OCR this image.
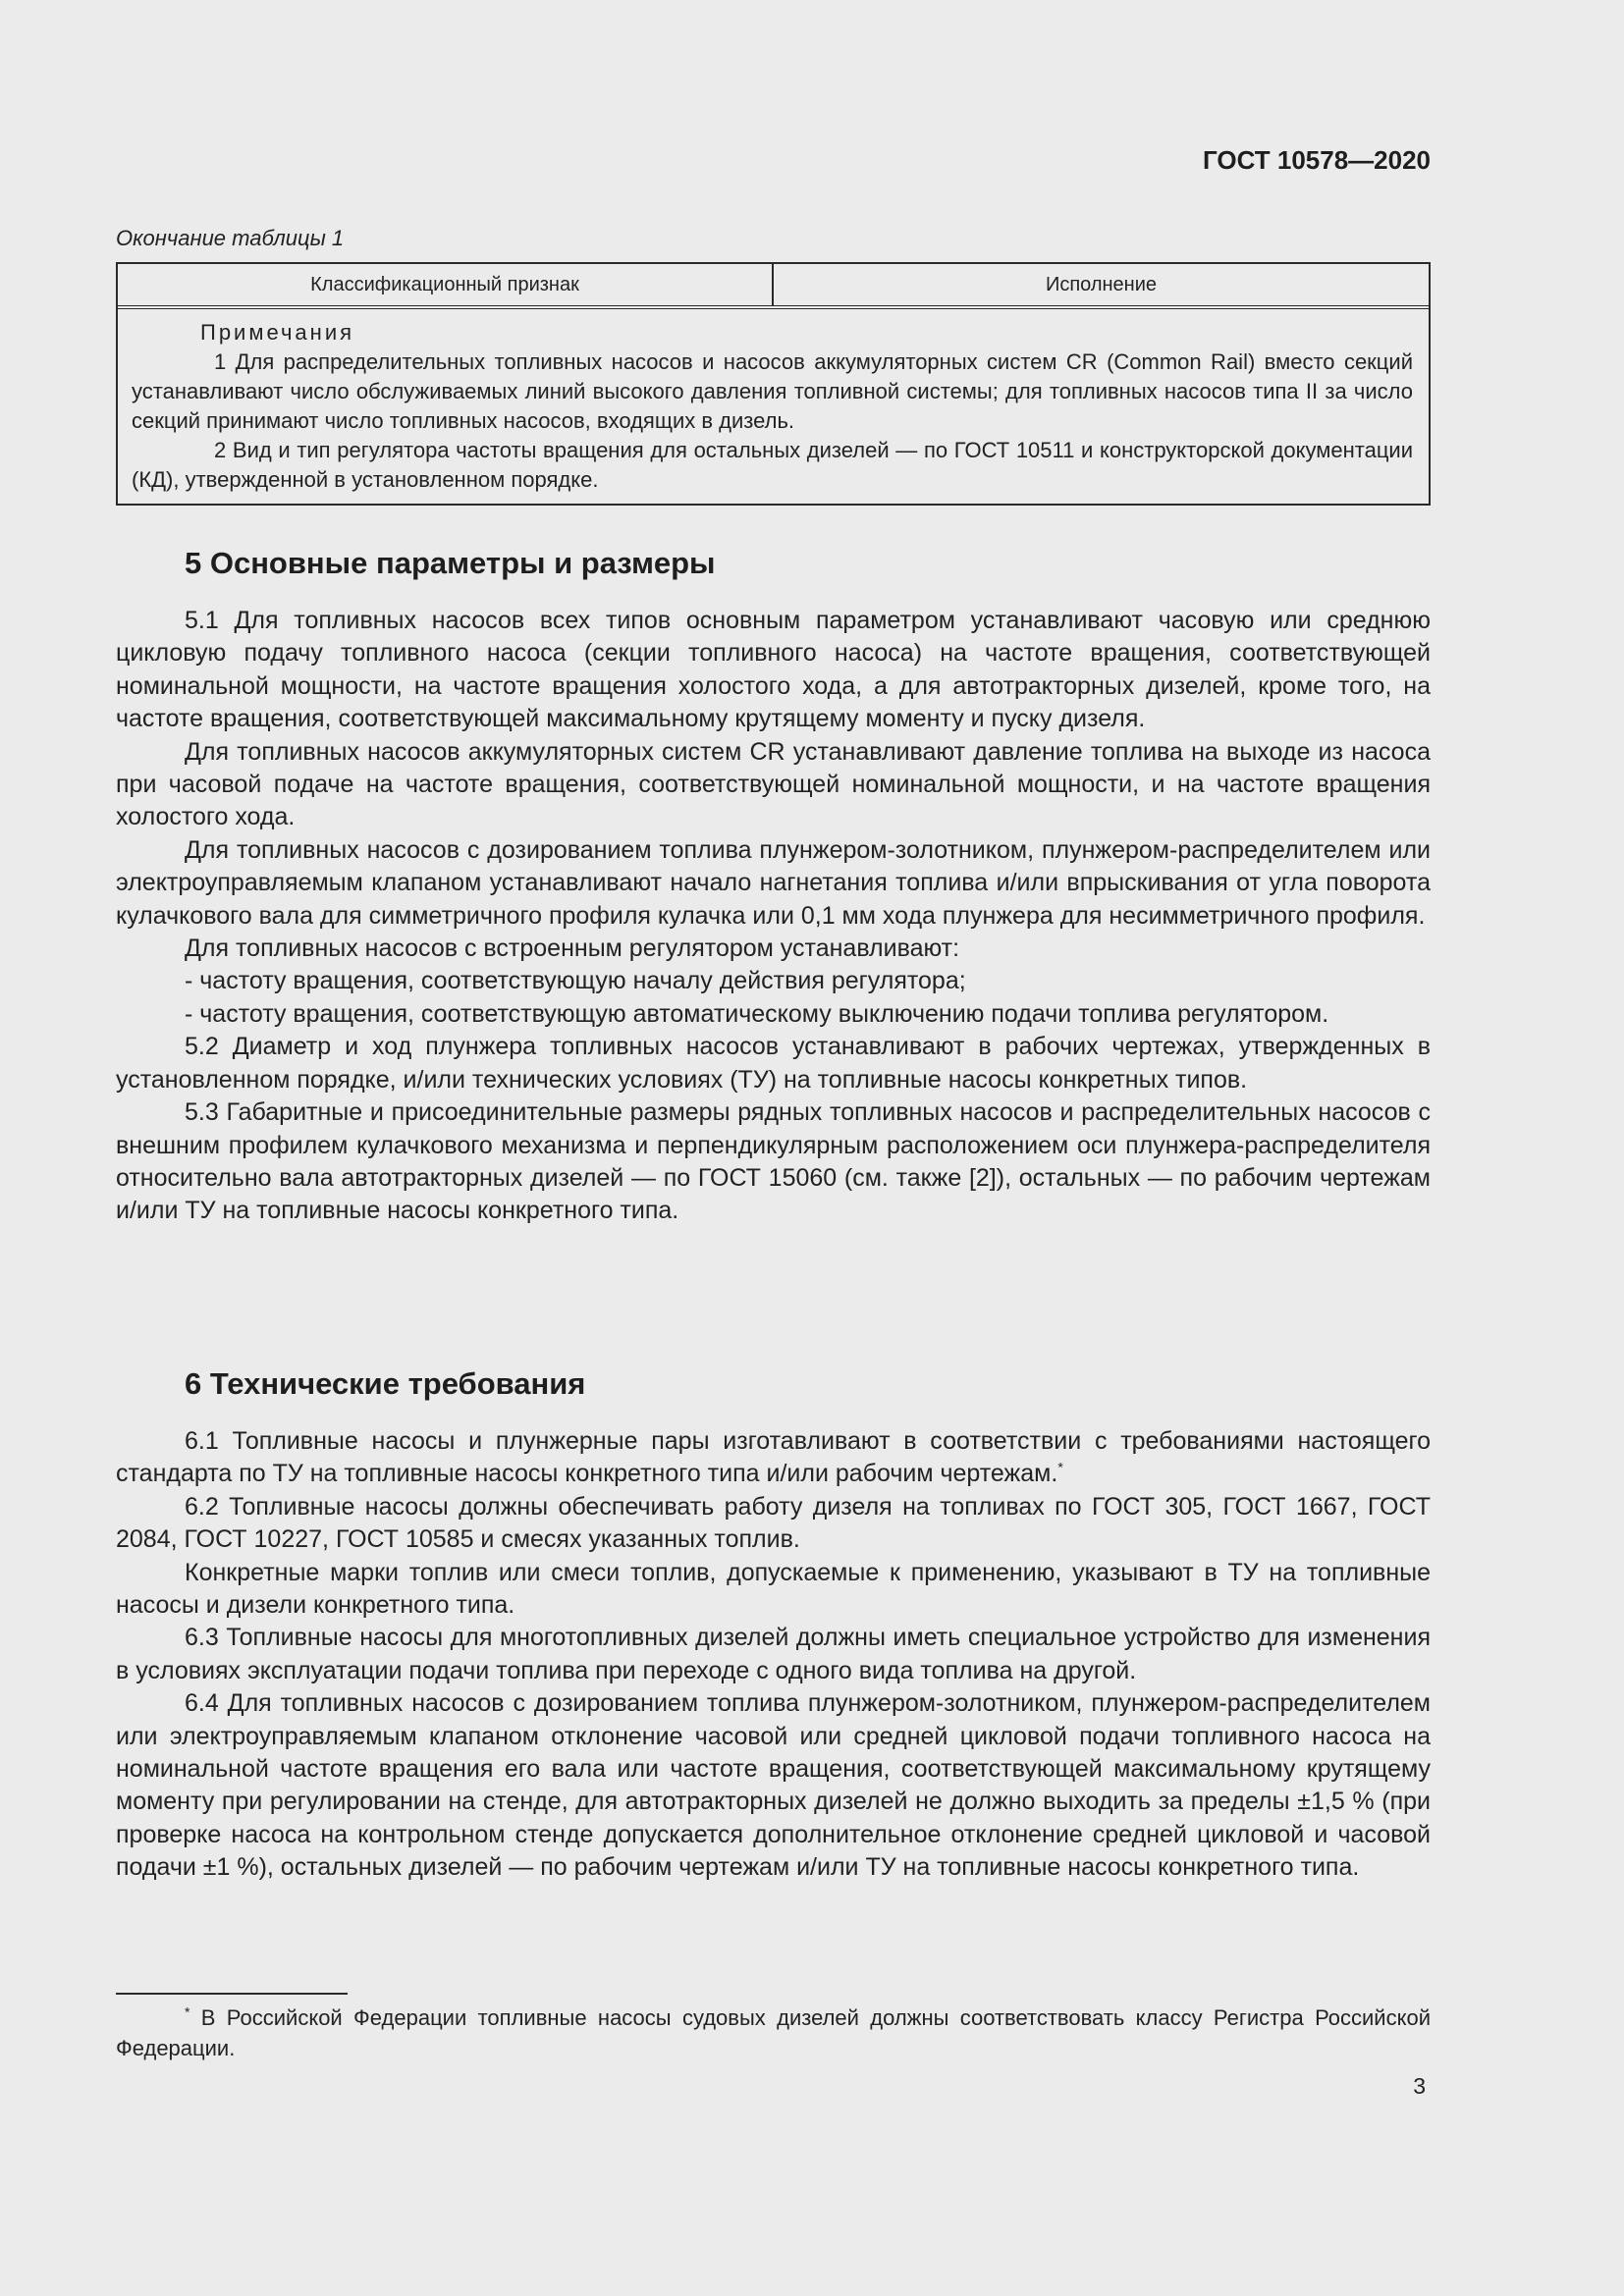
ГОСТ 10578—2020
Окончание таблицы 1
Классификационный признак	Исполнение
Примечания
1 Для распределительных топливных насосов и насосов аккумуляторных систем CR (Common Rail) вместо секций устанавливают число обслуживаемых линий высокого давления топливной системы; для топливных насосов типа II за число секций принимают число топливных насосов, входящих в дизель.
2 Вид и тип регулятора частоты вращения для остальных дизелей — по ГОСТ 10511 и конструкторской документации (КД), утвержденной в установленном порядке.
5 Основные параметры и размеры

5.1 Для топливных насосов всех типов основным параметром устанавливают часовую или среднюю цикловую подачу топливного насоса (секции топливного насоса) на частоте вращения, соответствующей номинальной мощности, на частоте вращения холостого хода, а для автотракторных дизелей, кроме того, на частоте вращения, соответствующей максимальному крутящему моменту и пуску дизеля.

Для топливных насосов аккумуляторных систем CR устанавливают давление топлива на выходе из насоса при часовой подаче на частоте вращения, соответствующей номинальной мощности, и на частоте вращения холостого хода.

Для топливных насосов с дозированием топлива плунжером-золотником, плунжером-распределителем или электроуправляемым клапаном устанавливают начало нагнетания топлива и/или впрыскивания от угла поворота кулачкового вала для симметричного профиля кулачка или 0,1 мм хода плунжера для несимметричного профиля.

Для топливных насосов с встроенным регулятором устанавливают:

- частоту вращения, соответствующую началу действия регулятора;

- частоту вращения, соответствующую автоматическому выключению подачи топлива регулятором.

5.2 Диаметр и ход плунжера топливных насосов устанавливают в рабочих чертежах, утвержденных в установленном порядке, и/или технических условиях (ТУ) на топливные насосы конкретных типов.

5.3 Габаритные и присоединительные размеры рядных топливных насосов и распределительных насосов с внешним профилем кулачкового механизма и перпендикулярным расположением оси плунжера-распределителя относительно вала автотракторных дизелей — по ГОСТ 15060 (см. также [2]), остальных — по рабочим чертежам и/или ТУ на топливные насосы конкретного типа.

6 Технические требования

6.1 Топливные насосы и плунжерные пары изготавливают в соответствии с требованиями настоящего стандарта по ТУ на топливные насосы конкретного типа и/или рабочим чертежам.*

6.2 Топливные насосы должны обеспечивать работу дизеля на топливах по ГОСТ 305, ГОСТ 1667, ГОСТ 2084, ГОСТ 10227, ГОСТ 10585 и смесях указанных топлив.

Конкретные марки топлив или смеси топлив, допускаемые к применению, указывают в ТУ на топливные насосы и дизели конкретного типа.

6.3 Топливные насосы для многотопливных дизелей должны иметь специальное устройство для изменения в условиях эксплуатации подачи топлива при переходе с одного вида топлива на другой.

6.4 Для топливных насосов с дозированием топлива плунжером-золотником, плунжером-распределителем или электроуправляемым клапаном отклонение часовой или средней цикловой подачи топливного насоса на номинальной частоте вращения его вала или частоте вращения, соответствующей максимальному крутящему моменту при регулировании на стенде, для автотракторных дизелей не должно выходить за пределы ±1,5 % (при проверке насоса на контрольном стенде допускается дополнительное отклонение средней цикловой и часовой подачи ±1 %), остальных дизелей — по рабочим чертежам и/или ТУ на топливные насосы конкретного типа.

* В Российской Федерации топливные насосы судовых дизелей должны соответствовать классу Регистра Российской Федерации.

3
